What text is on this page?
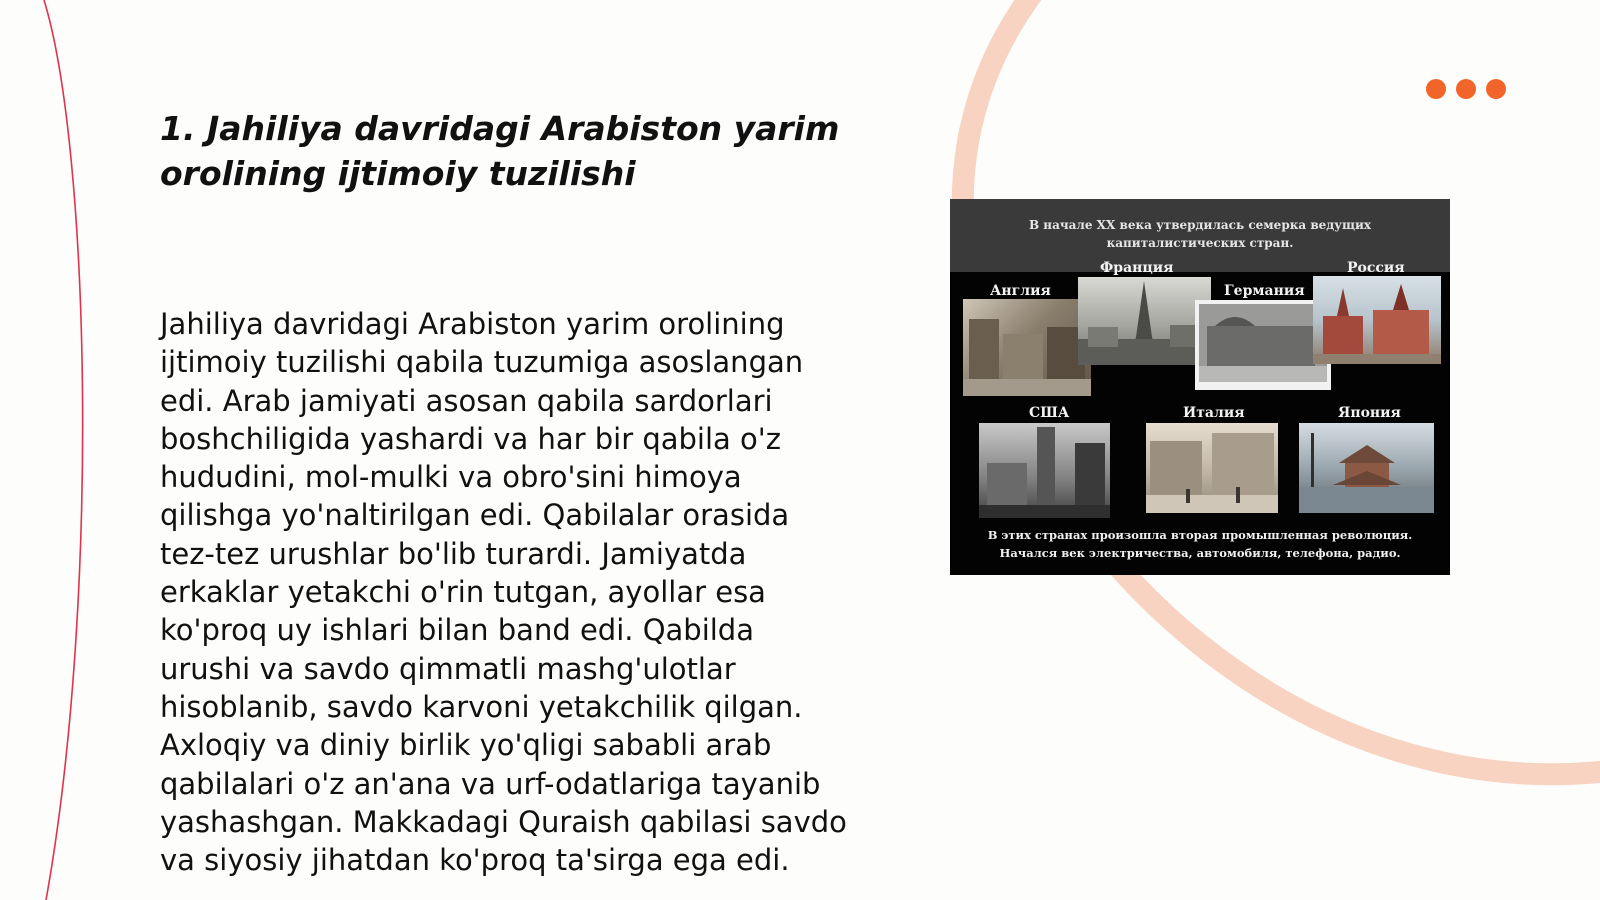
1. Jahiliya davridagi Arabiston yarim orolining ijtimoiy tuzilishi

Jahiliya davridagi Arabiston yarim orolining ijtimoiy tuzilishi qabila tuzumiga asoslangan edi. Arab jamiyati asosan qabila sardorlari boshchiligida yashardi va har bir qabila o'z hududini, mol-mulki va obro'sini himoya qilishga yo'naltirilgan edi. Qabilalar orasida tez-tez urushlar bo'lib turardi. Jamiyatda erkaklar yetakchi o'rin tutgan, ayollar esa ko'proq uy ishlari bilan band edi. Qabilda urushi va savdo qimmatli mashg'ulotlar hisoblanib, savdo karvoni yetakchilik qilgan. Axloqiy va diniy birlik yo'qligi sababli arab qabilalari o'z an'ana va urf-odatlariga tayanib yashashgan. Makkadagi Quraish qabilasi savdo va siyosiy jihatdan ko'proq ta'sirga ega edi.

В начале XX века утвердилась семерка ведущих капиталистических стран.
Англия
Франция
Германия
Россия
США	Италия	Япония
В этих странах произошла вторая промышленная революция. Начался век электричества, автомобиля, телефона, радио.
